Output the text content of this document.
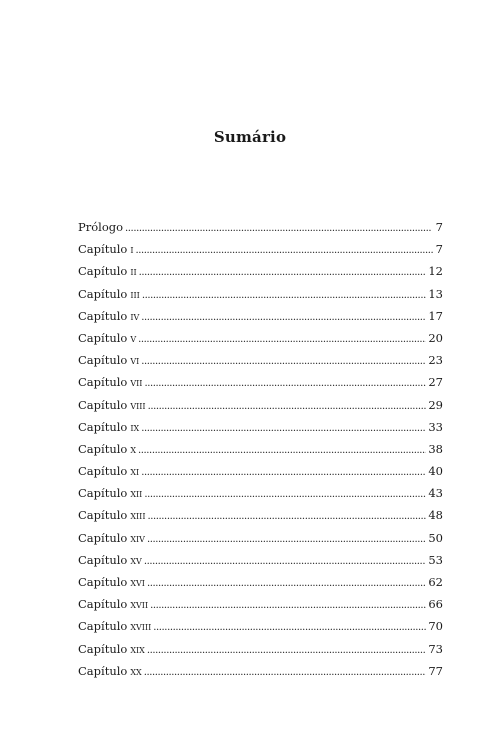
Sumário
Prólogo . . .	7
Capítulo i . . .	7
Capítulo ii . . .	12
Capítulo iii . . .	13
Capítulo iv . . .	17
Capítulo v . . .	20
Capítulo vi . . .	23
Capítulo vii . . .	27
Capítulo viii . . .	29
Capítulo ix . . .	33
Capítulo x . . .	38
Capítulo xi . . .	40
Capítulo xii . . .	43
Capítulo xiii . . .	48
Capítulo xiv . . .	50
Capítulo xv . . .	53
Capítulo xvi . . .	62
Capítulo xvii . . .	66
Capítulo xviii . . .	70
Capítulo xix . . .	73
Capítulo xx . . .	77
